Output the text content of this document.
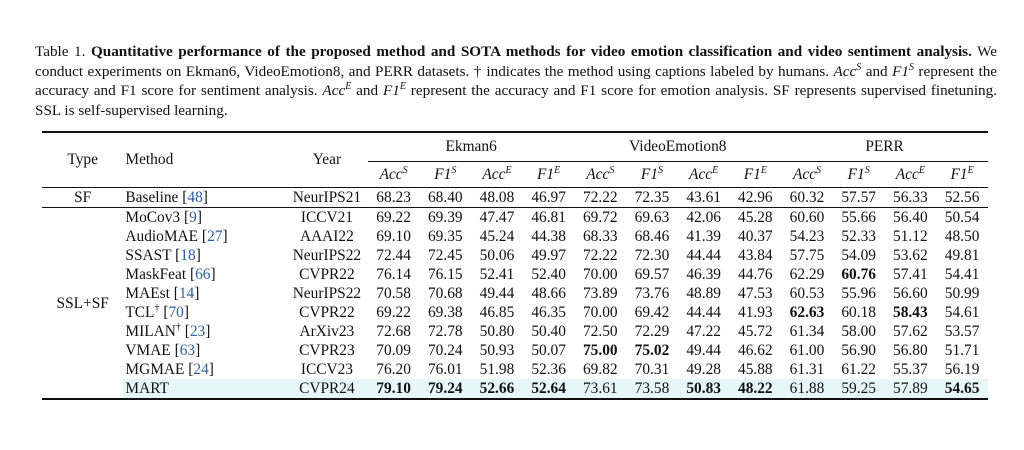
Table 1. Quantitative performance of the proposed method and SOTA methods for video emotion classification and video sentiment analysis. We conduct experiments on Ekman6, VideoEmotion8, and PERR datasets. † indicates the method using captions labeled by humans. Acc$^S$ and $F1^S$ represent the accuracy and F1 score for sentiment analysis. Acc$^E$ and $F1^E$ represent the accuracy and F1 score for emotion analysis. SF represents supervised finetuning. SSL is self-supervised learning.
Type	Method	Year	Ekman6				VideoEmotion8				PERR			
			Acc$^S$	$F1^S$	Acc$^E$	$F1^E$	Acc$^S$	$F1^S$	Acc$^E$	$F1^E$	Acc$^S$	$F1^S$	Acc$^E$	$F1^E$
SF	Baseline [48]	NeurIPS21	68.23	68.40	48.08	46.97	72.22	72.35	43.61	42.96	60.32	57.57	56.33	52.56
SSL+SF	MoCov3 [9]	ICCV21	69.22	69.39	47.47	46.81	69.72	69.63	42.06	45.28	60.60	55.66	56.40	50.54
	AudioMAE [27]	AAAI22	69.10	69.35	45.24	44.38	68.33	68.46	41.39	40.37	54.23	52.33	51.12	48.50
	SSAST [18]	NeurIPS22	72.44	72.45	50.06	49.97	72.22	72.30	44.44	43.84	57.75	54.09	53.62	49.81
	MaskFeat [66]	CVPR22	76.14	76.15	52.41	52.40	70.00	69.57	46.39	44.76	62.29	60.76	57.41	54.41
	MAEst [14]	NeurIPS22	70.58	70.68	49.44	48.66	73.89	73.76	48.89	47.53	60.53	55.96	56.60	50.99
	TCL† [70]	CVPR22	69.22	69.38	46.85	46.35	70.00	69.42	44.44	41.93	62.63	60.18	58.43	54.61
	MILAN† [23]	ArXiv23	72.68	72.78	50.80	50.40	72.50	72.29	47.22	45.72	61.34	58.00	57.62	53.57
	VMAE [63]	CVPR23	70.09	70.24	50.93	50.07	75.00	75.02	49.44	46.62	61.00	56.90	56.80	51.71
	MGMAE [24]	ICCV23	76.20	76.01	51.98	52.36	69.82	70.31	49.28	45.88	61.31	61.22	55.37	56.19
	MART	CVPR24	79.10	79.24	52.66	52.64	73.61	73.58	50.83	48.22	61.88	59.25	57.89	54.65
